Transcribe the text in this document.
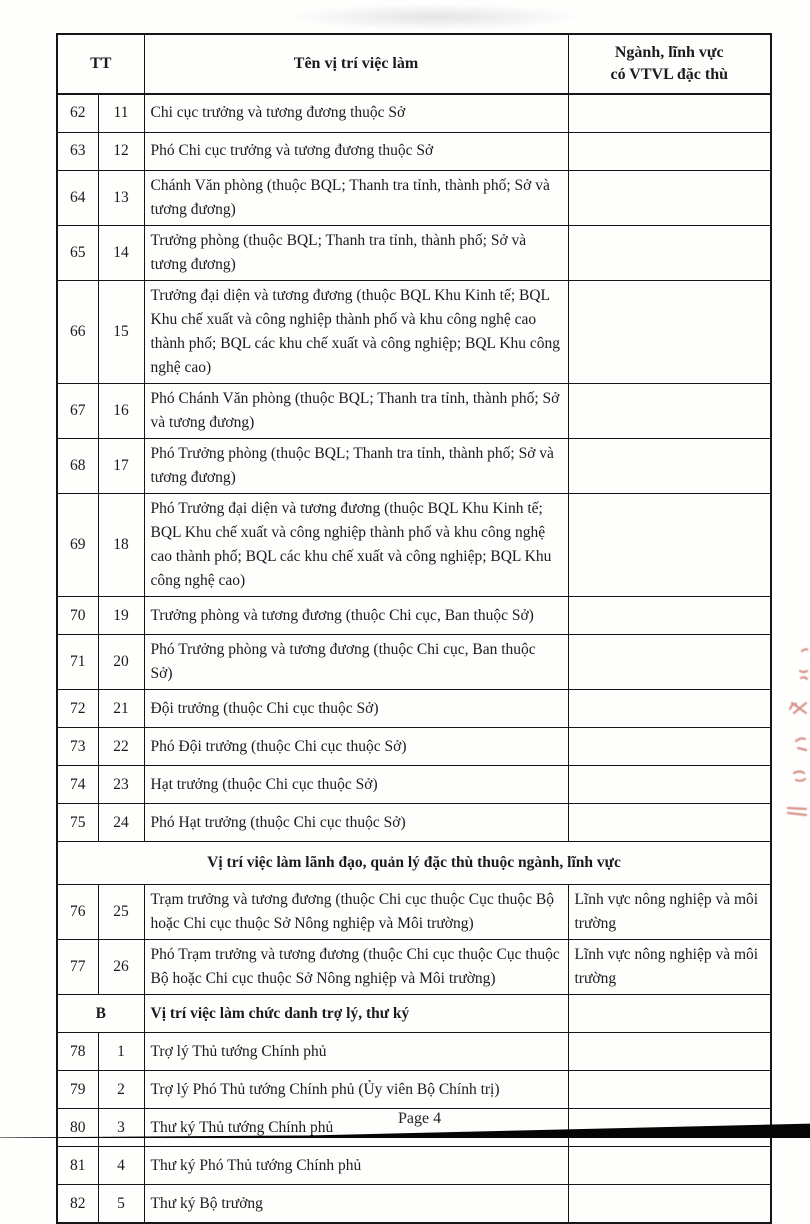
TT		Tên vị trí việc làm	Ngành, lĩnh vực
có VTVL đặc thù

62	11	Chi cục trưởng và tương đương thuộc Sở	
63	12	Phó Chi cục trưởng và tương đương thuộc Sở	
64	13	Chánh Văn phòng (thuộc BQL; Thanh tra tỉnh, thành phố; Sở và tương đương)	
65	14	Trưởng phòng (thuộc BQL; Thanh tra tỉnh, thành phố; Sở và tương đương)	
66	15	Trưởng đại diện và tương đương (thuộc BQL Khu Kinh tế; BQL Khu chế xuất và công nghiệp thành phố và khu công nghệ cao thành phố; BQL các khu chế xuất và công nghiệp; BQL Khu công nghệ cao)	
67	16	Phó Chánh Văn phòng (thuộc BQL; Thanh tra tỉnh, thành phố; Sở và tương đương)	
68	17	Phó Trưởng phòng (thuộc BQL; Thanh tra tỉnh, thành phố; Sở và tương đương)	
69	18	Phó Trưởng đại diện và tương đương (thuộc BQL Khu Kinh tế; BQL Khu chế xuất và công nghiệp thành phố và khu công nghệ cao thành phố; BQL các khu chế xuất và công nghiệp; BQL Khu công nghệ cao)	
70	19	Trưởng phòng và tương đương (thuộc Chi cục, Ban thuộc Sở)	
71	20	Phó Trưởng phòng và tương đương (thuộc Chi cục, Ban thuộc Sở)	
72	21	Đội trưởng (thuộc Chi cục thuộc Sở)	
73	22	Phó Đội trưởng (thuộc Chi cục thuộc Sở)	
74	23	Hạt trưởng (thuộc Chi cục thuộc Sở)	
75	24	Phó Hạt trưởng (thuộc Chi cục thuộc Sở)	
Vị trí việc làm lãnh đạo, quản lý đặc thù thuộc ngành, lĩnh vực			
76	25	Trạm trưởng và tương đương (thuộc Chi cục thuộc Cục thuộc Bộ hoặc Chi cục thuộc Sở Nông nghiệp và Môi trường)	Lĩnh vực nông nghiệp và môi trường
77	26	Phó Trạm trưởng và tương đương (thuộc Chi cục thuộc Cục thuộc Bộ hoặc Chi cục thuộc Sở Nông nghiệp và Môi trường)	Lĩnh vực nông nghiệp và môi trường
B		Vị trí việc làm chức danh trợ lý, thư ký	
78	1	Trợ lý Thủ tướng Chính phủ	
79	2	Trợ lý Phó Thủ tướng Chính phủ (Ủy viên Bộ Chính trị)	
80	3	Thư ký Thủ tướng Chính phủ	
81	4	Thư ký Phó Thủ tướng Chính phủ	
82	5	Thư ký Bộ trưởng	
Page 4
